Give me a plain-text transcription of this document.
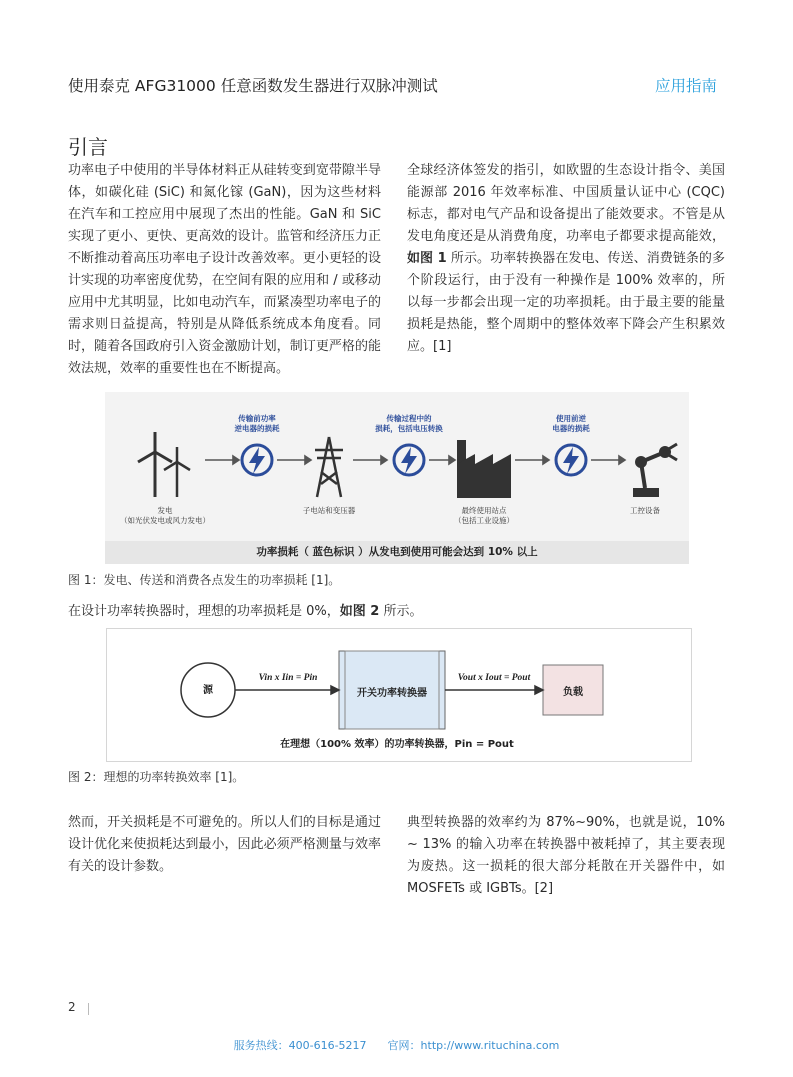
使用泰克 AFG31000 任意函数发生器进行双脉冲测试	应用指南
引言
功率电子中使用的半导体材料正从硅转变到宽带隙半导体，如碳化硅 (SiC) 和氮化镓 (GaN)，因为这些材料在汽车和工控应用中展现了杰出的性能。GaN 和 SiC 实现了更小、更快、更高效的设计。监管和经济压力正不断推动着高压功率电子设计改善效率。更小更轻的设计实现的功率密度优势，在空间有限的应用和 / 或移动应用中尤其明显，比如电动汽车，而紧凑型功率电子的需求则日益提高，特别是从降低系统成本角度看。同时，随着各国政府引入资金激励计划，制订更严格的能效法规，效率的重要性也在不断提高。
全球经济体签发的指引，如欧盟的生态设计指令、美国能源部 2016 年效率标准、中国质量认证中心 (CQC) 标志，都对电气产品和设备提出了能效要求。不管是从发电角度还是从消费角度，功率电子都要求提高能效，如图 1 所示。功率转换器在发电、传送、消费链条的多个阶段运行，由于没有一种操作是 100% 效率的，所以每一步都会出现一定的功率损耗。由于最主要的能量损耗是热能，整个周期中的整体效率下降会产生积累效应。[1]
传输前功率
逆电器的损耗
传输过程中的
损耗，包括电压转换
使用前逆
电器的损耗
发电
（如光伏发电或风力发电）
子电站和变压器	最终使用站点
（包括工业设施）
工控设备
功率损耗（ 蓝色标识 ）从发电到使用可能会达到 10% 以上
图 1：发电、传送和消费各点发生的功率损耗 [1]。
在设计功率转换器时，理想的功率损耗是 0%，如图 2 所示。
源
Vin x Iin = Pin
开关功率转换器
Vout x Iout = Pout
负载
在理想（100% 效率）的功率转换器，Pin = Pout
图 2：理想的功率转换效率 [1]。
然而，开关损耗是不可避免的。所以人们的目标是通过设计优化来使损耗达到最小，因此必须严格测量与效率有关的设计参数。
典型转换器的效率约为 87%~90%，也就是说，10% ~ 13% 的输入功率在转换器中被耗掉了，其主要表现为废热。这一损耗的很大部分耗散在开关器件中，如 MOSFETs 或 IGBTs。[2]
2
服务热线：400-616-5217 官网：http://www.rituchina.com
